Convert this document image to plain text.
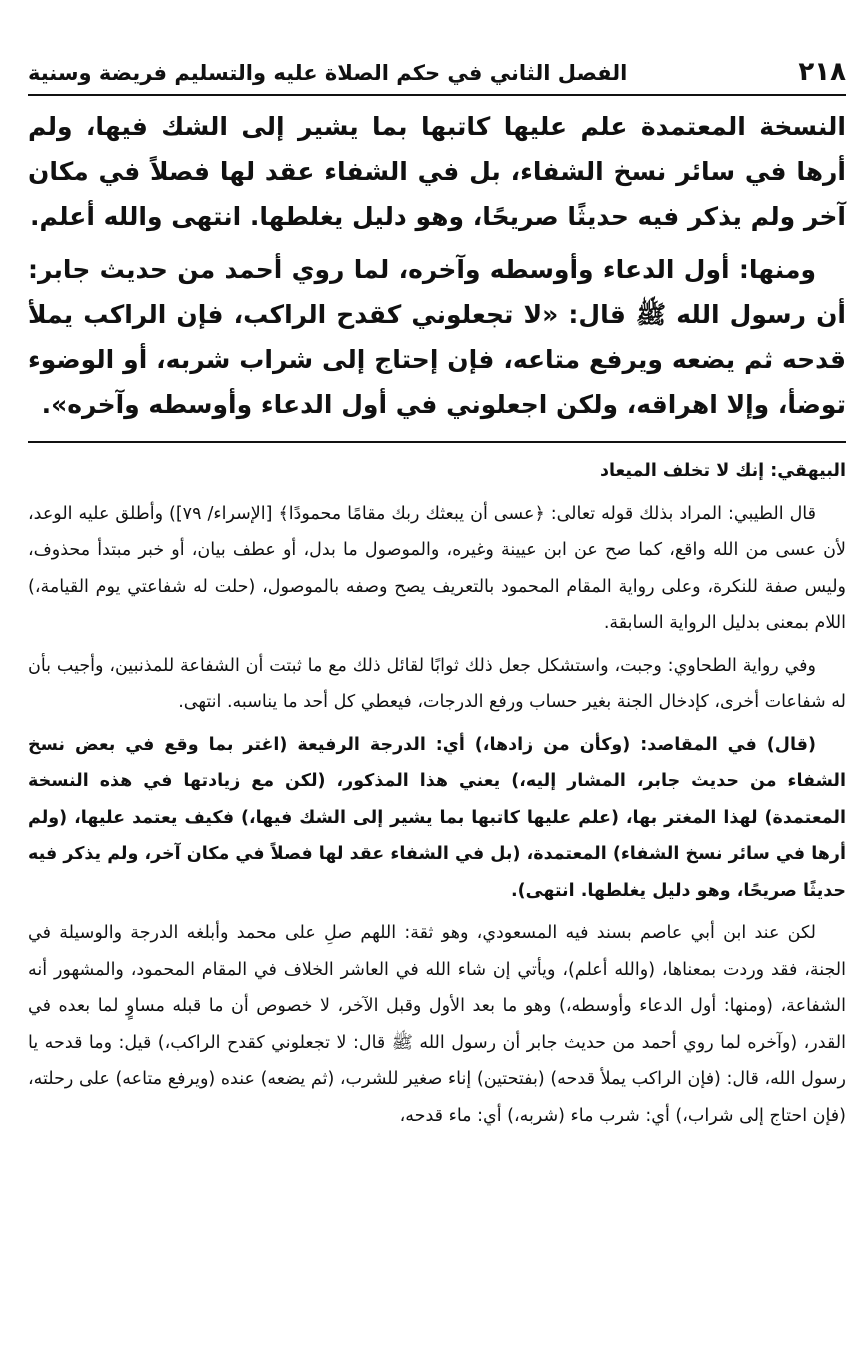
٢١٨
الفصل الثاني في حكم الصلاة عليه والتسليم فريضة وسنية

النسخة المعتمدة علم عليها كاتبها بما يشير إلى الشك فيها، ولم أرها في سائر نسخ الشفاء، بل في الشفاء عقد لها فصلاً في مكان آخر ولم يذكر فيه حديثًا صريحًا، وهو دليل يغلطها. انتهى والله أعلم.

ومنها: أول الدعاء وأوسطه وآخره، لما روي أحمد من حديث جابر: أن رسول الله ﷺ قال: «لا تجعلوني كقدح الراكب، فإن الراكب يملأ قدحه ثم يضعه ويرفع متاعه، فإن إحتاج إلى شراب شربه، أو الوضوء توضأ، وإلا اهراقه، ولكن اجعلوني في أول الدعاء وأوسطه وآخره».

البيهقي: إنك لا تخلف الميعاد

قال الطيبي: المراد بذلك قوله تعالى: ﴿عسى أن يبعثك ربك مقامًا محمودًا﴾ [الإسراء/ ٧٩]) وأطلق عليه الوعد، لأن عسى من الله واقع، كما صح عن ابن عيينة وغيره، والموصول ما بدل، أو عطف بيان، أو خبر مبتدأ محذوف، وليس صفة للنكرة، وعلى رواية المقام المحمود بالتعريف يصح وصفه بالموصول، (حلت له شفاعتي يوم القيامة،) اللام بمعنى بدليل الرواية السابقة.

وفي رواية الطحاوي: وجبت، واستشكل جعل ذلك ثوابًا لقائل ذلك مع ما ثبتت أن الشفاعة للمذنبين، وأجيب بأن له شفاعات أخرى، كإدخال الجنة بغير حساب ورفع الدرجات، فيعطي كل أحد ما يناسبه. انتهى.

(قال) في المقاصد: (وكأن من زادها،) أي: الدرجة الرفيعة (اغتر بما وقع في بعض نسخ الشفاء من حديث جابر، المشار إليه،) يعني هذا المذكور، (لكن مع زيادتها في هذه النسخة المعتمدة) لهذا المغتر بها، (علم عليها كاتبها بما يشير إلى الشك فيها،) فكيف يعتمد عليها، (ولم أرها في سائر نسخ الشفاء) المعتمدة، (بل في الشفاء عقد لها فصلاً في مكان آخر، ولم يذكر فيه حديثًا صريحًا، وهو دليل يغلطها. انتهى).

لكن عند ابن أبي عاصم بسند فيه المسعودي، وهو ثقة: اللهم صلِ على محمد وأبلغه الدرجة والوسيلة في الجنة، فقد وردت بمعناها، (والله أعلم)، ويأتي إن شاء الله في العاشر الخلاف في المقام المحمود، والمشهور أنه الشفاعة، (ومنها: أول الدعاء وأوسطه،) وهو ما بعد الأول وقبل الآخر، لا خصوص أن ما قبله مساوٍ لما بعده في القدر، (وآخره لما روي أحمد من حديث جابر أن رسول الله ﷺ قال: لا تجعلوني كقدح الراكب،) قيل: وما قدحه يا رسول الله، قال: (فإن الراكب يملأ قدحه) (بفتحتين) إناء صغير للشرب، (ثم يضعه) عنده (ويرفع متاعه) على رحلته، (فإن احتاج إلى شراب،) أي: شرب ماء (شربه،) أي: ماء قدحه،
